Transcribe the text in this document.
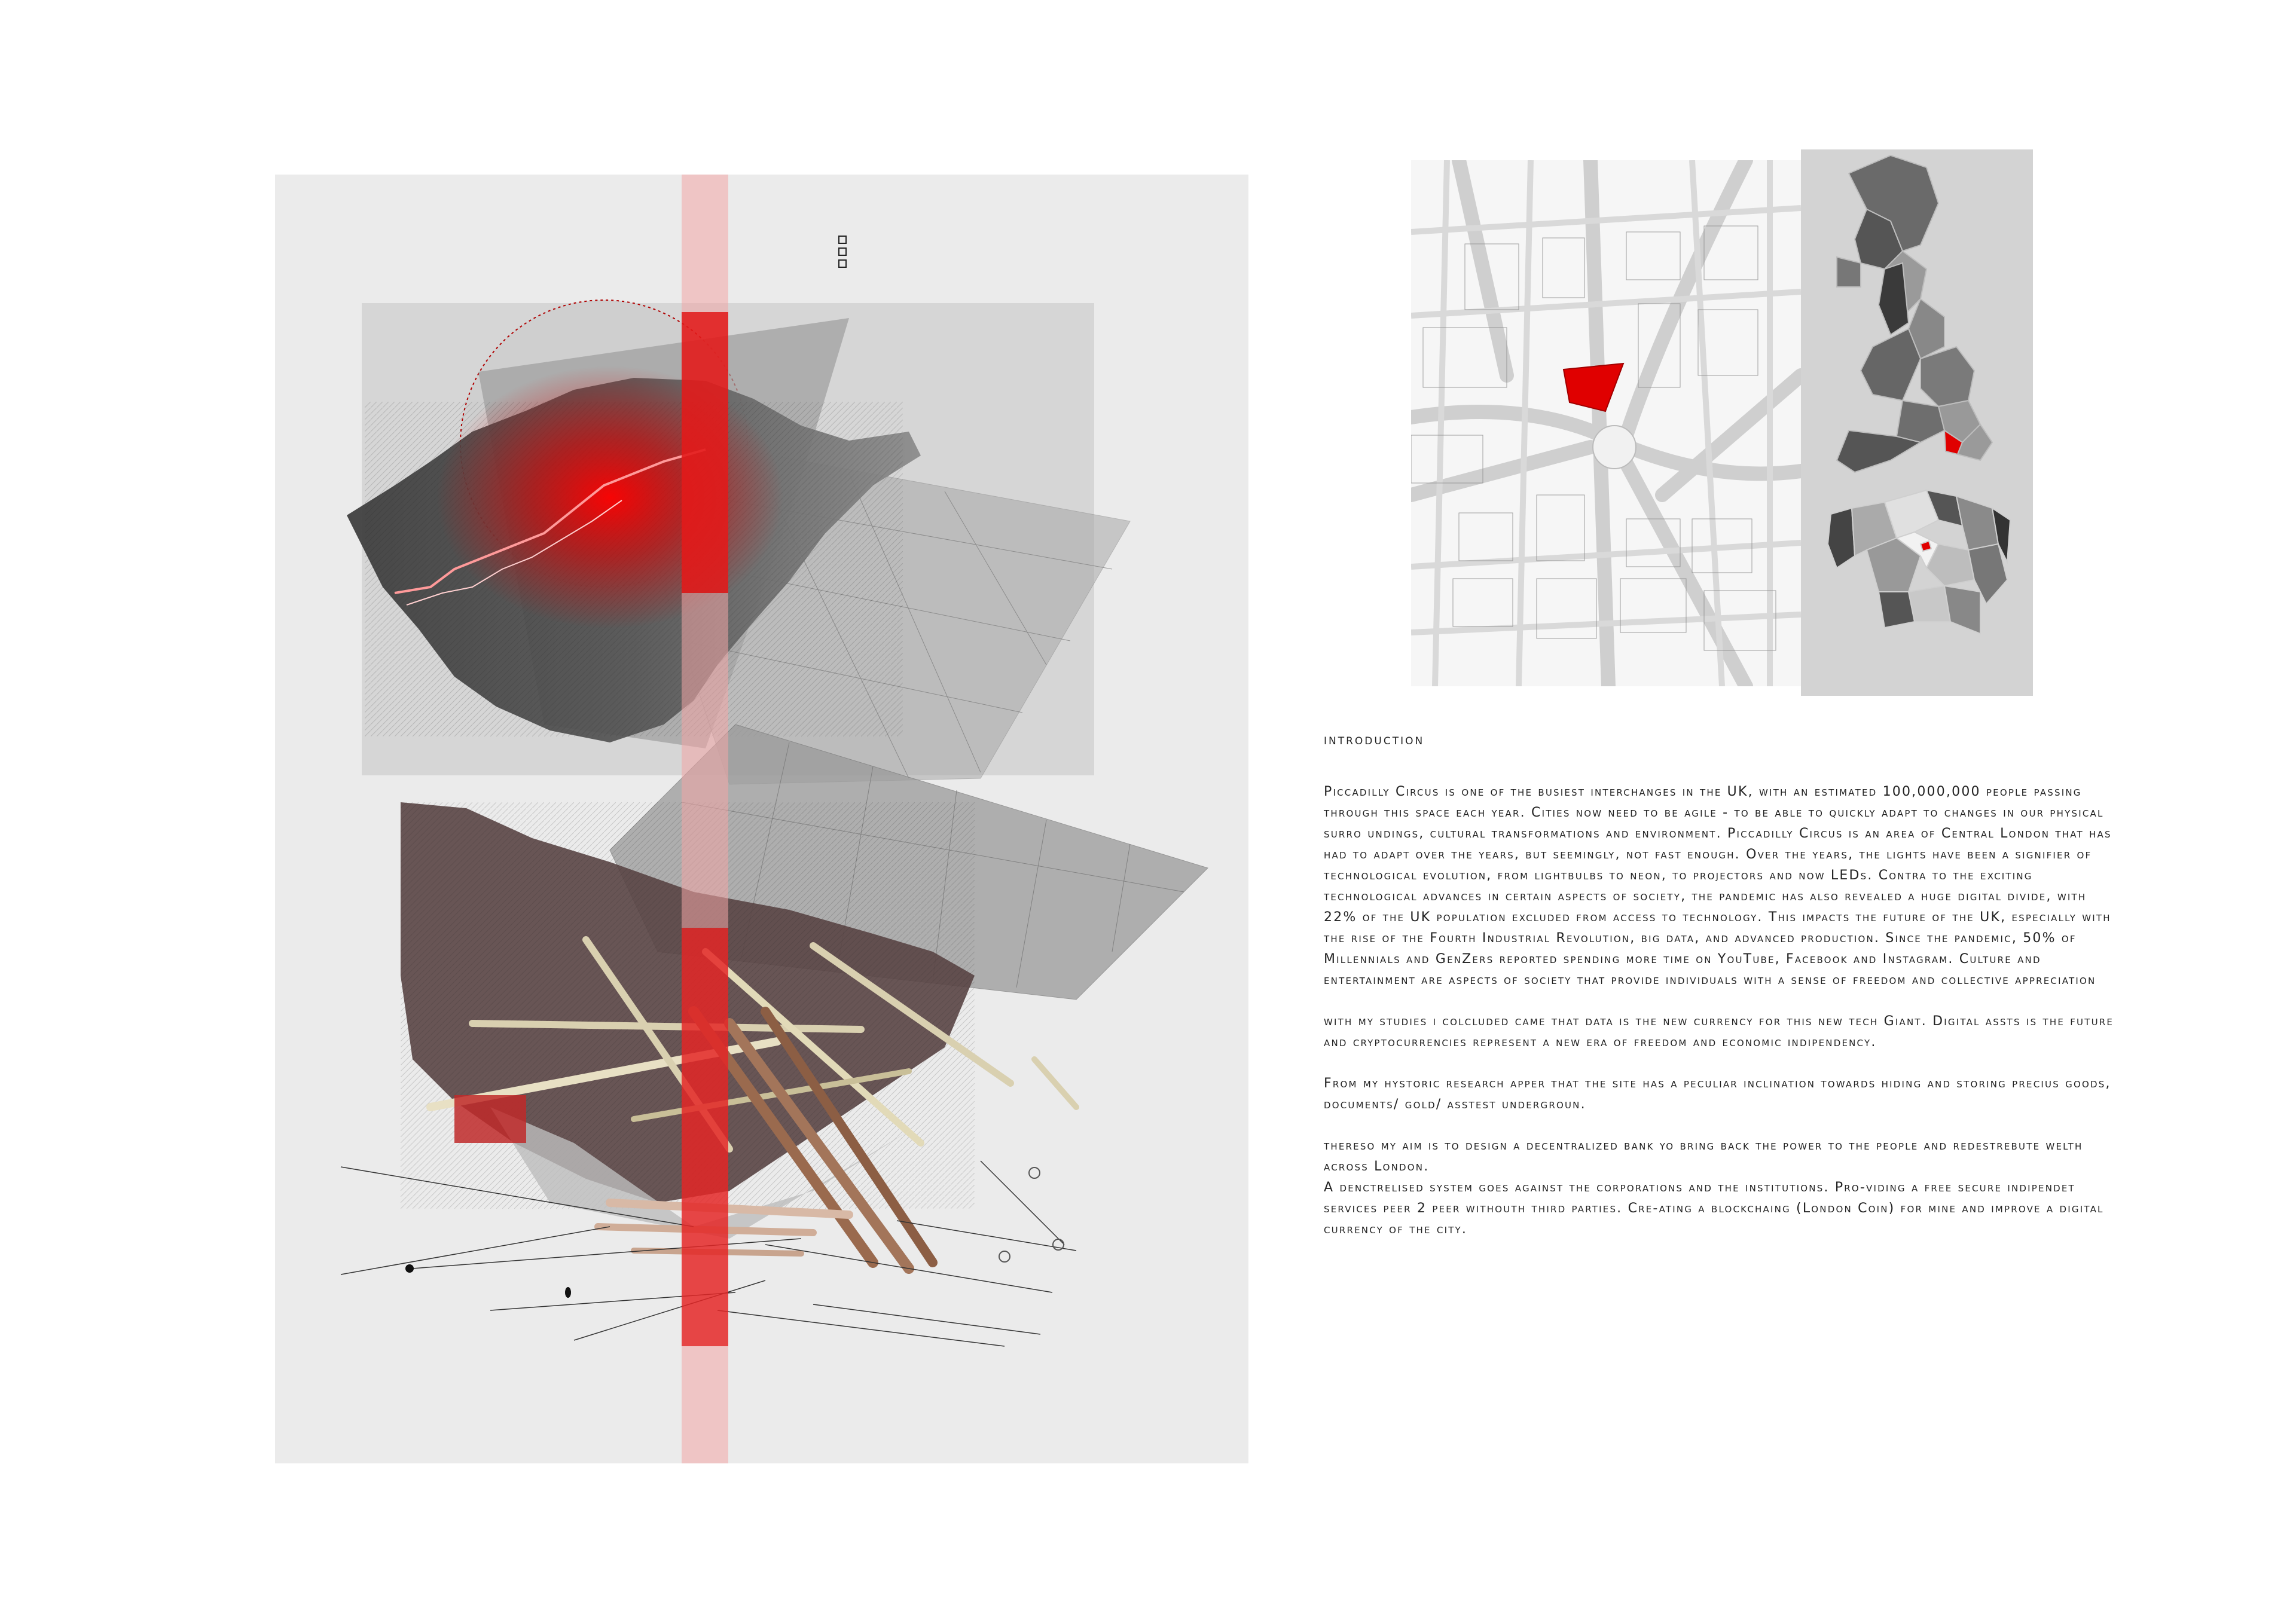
introduction

Piccadilly Circus is one of the busiest interchanges in the UK, with an estimated 100,000,000 people passing through this space each year. Cities now need to be agile - to be able to quickly adapt to changes in our physical surro undings, cultural transformations and environment. Piccadilly Circus is an area of Central London that has had to adapt over the years, but seemingly, not fast enough. Over the years, the lights have been a signifier of technological evolution, from lightbulbs to neon, to projectors and now LEDs. Contra to the exciting technological advances in certain aspects of society, the pandemic has also revealed a huge digital divide, with 22% of the UK population excluded from access to technology. This impacts the future of the UK, especially with the rise of the Fourth Industrial Revolution, big data, and advanced production. Since the pandemic, 50% of Millennials and GenZers reported spending more time on YouTube, Facebook and Instagram. Culture and entertainment are aspects of society that provide individuals with a sense of freedom and collective appreciation

with my studies i colcluded came that data is the new currency for this new tech Giant. Digital assts is the future and cryptocurrencies represent a new era of freedom and economic indipendency.

From my hystoric research apper that the site has a peculiar inclination towards hiding and storing precius goods, documents/ gold/ asstest undergroun.

thereso my aim is to design a decentralized bank yo bring back the power to the people and redestrebute welth across London.

A denctrelised system goes against the corporations and the institutions. Pro-viding a free secure indipendet services peer 2 peer withouth third parties. Cre-ating a blockchaing (London Coin) for mine and improve a digital currency of the city.
